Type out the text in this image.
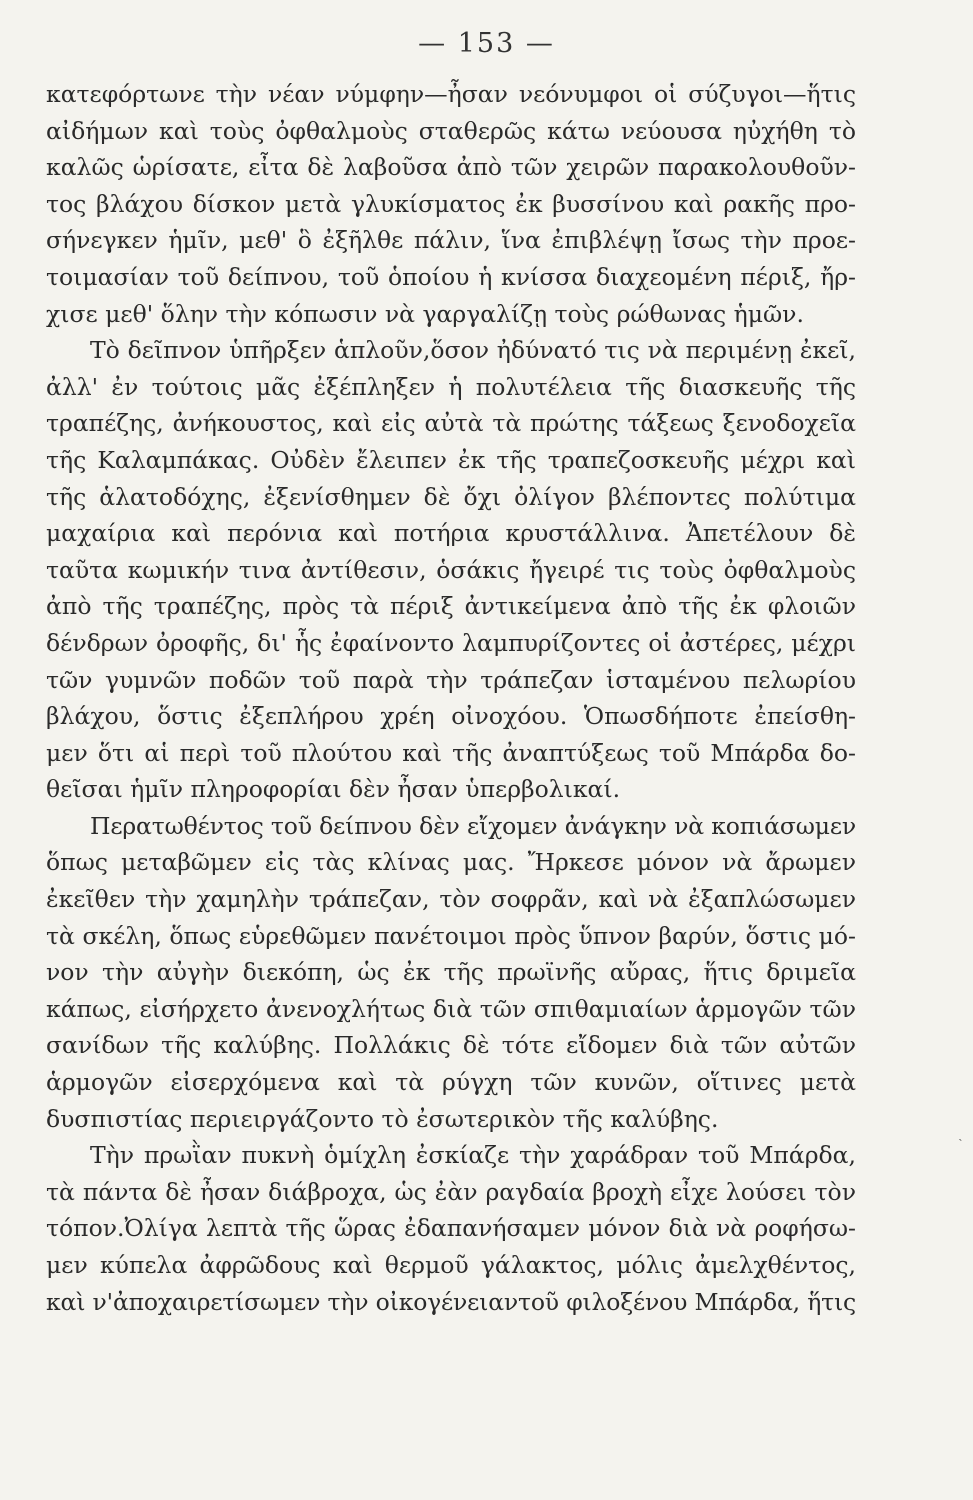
— 153 —
κατεφόρτωνε τὴν νέαν νύμφην—ἦσαν νεόνυμφοι οἱ σύζυγοι—ἥτις
αἰδήμων καὶ τοὺς ὀφθαλμοὺς σταθερῶς κάτω νεύουσα ηὐχήθη τὸ
καλῶς ὡρίσατε, εἶτα δὲ λαβοῦσα ἀπὸ τῶν χειρῶν παρακολουθοῦν-
τος βλάχου δίσκον μετὰ γλυκίσματος ἐκ βυσσίνου καὶ ρακῆς προ-
σήνεγκεν ἡμῖν, μεθ' ὃ ἐξῆλθε πάλιν, ἵνα ἐπιβλέψῃ ἴσως τὴν προε-
τοιμασίαν τοῦ δείπνου, τοῦ ὁποίου ἡ κνίσσα διαχεομένη πέριξ, ἤρ-
χισε μεθ' ὅλην τὴν κόπωσιν νὰ γαργαλίζῃ τοὺς ρώθωνας ἡμῶν.
Τὸ δεῖπνον ὑπῆρξεν ἁπλοῦν,ὅσον ἠδύνατό τις νὰ περιμένῃ ἐκεῖ,
ἀλλ' ἐν τούτοις μᾶς ἐξέπληξεν ἡ πολυτέλεια τῆς διασκευῆς τῆς
τραπέζης, ἀνήκουστος, καὶ εἰς αὐτὰ τὰ πρώτης τάξεως ξενοδοχεῖα
τῆς Καλαμπάκας. Οὐδὲν ἔλειπεν ἐκ τῆς τραπεζοσκευῆς μέχρι καὶ
τῆς ἁλατοδόχης, ἐξενίσθημεν δὲ ὄχι ὀλίγον βλέποντες πολύτιμα
μαχαίρια καὶ περόνια καὶ ποτήρια κρυστάλλινα. Ἀπετέλουν δὲ
ταῦτα κωμικήν τινα ἀντίθεσιν, ὁσάκις ἤγειρέ τις τοὺς ὀφθαλμοὺς
ἀπὸ τῆς τραπέζης, πρὸς τὰ πέριξ ἀντικείμενα ἀπὸ τῆς ἐκ φλοιῶν
δένδρων ὀροφῆς, δι' ἧς ἐφαίνοντο λαμπυρίζοντες οἱ ἀστέρες, μέχρι
τῶν γυμνῶν ποδῶν τοῦ παρὰ τὴν τράπεζαν ἱσταμένου πελωρίου
βλάχου, ὅστις ἐξεπλήρου χρέη οἰνοχόου. Ὁπωσδήποτε ἐπείσθη-
μεν ὅτι αἱ περὶ τοῦ πλούτου καὶ τῆς ἀναπτύξεως τοῦ Μπάρδα δο-
θεῖσαι ἡμῖν πληροφορίαι δὲν ἦσαν ὑπερβολικαί.
Περατωθέντος τοῦ δείπνου δὲν εἴχομεν ἀνάγκην νὰ κοπιάσωμεν
ὅπως μεταβῶμεν εἰς τὰς κλίνας μας. Ἤρκεσε μόνον νὰ ἄρωμεν
ἐκεῖθεν τὴν χαμηλὴν τράπεζαν, τὸν σοφρᾶν, καὶ νὰ ἐξαπλώσωμεν
τὰ σκέλη, ὅπως εὑρεθῶμεν πανέτοιμοι πρὸς ὕπνον βαρύν, ὅστις μό-
νον τὴν αὐγὴν διεκόπη, ὡς ἐκ τῆς πρωϊνῆς αὔρας, ἥτις δριμεῖα
κάπως, εἰσήρχετο ἀνενοχλήτως διὰ τῶν σπιθαμιαίων ἁρμογῶν τῶν
σανίδων τῆς καλύβης. Πολλάκις δὲ τότε εἴδομεν διὰ τῶν αὐτῶν
ἁρμογῶν εἰσερχόμενα καὶ τὰ ρύγχη τῶν κυνῶν, οἵτινες μετὰ
δυσπιστίας περιειργάζοντο τὸ ἐσωτερικὸν τῆς καλύβης.
Τὴν πρωῒαν πυκνὴ ὁμίχλη ἐσκίαζε τὴν χαράδραν τοῦ Μπάρδα,
τὰ πάντα δὲ ἦσαν διάβροχα, ὡς ἐὰν ραγδαία βροχὴ εἶχε λούσει τὸν
τόπον.Ὀλίγα λεπτὰ τῆς ὥρας ἐδαπανήσαμεν μόνον διὰ νὰ ροφήσω-
μεν κύπελα ἀφρῶδους καὶ θερμοῦ γάλακτος, μόλις ἀμελχθέντος,
καὶ ν'ἀποχαιρετίσωμεν τὴν οἰκογένειαντοῦ φιλοξένου Μπάρδα, ἥτις
˴
